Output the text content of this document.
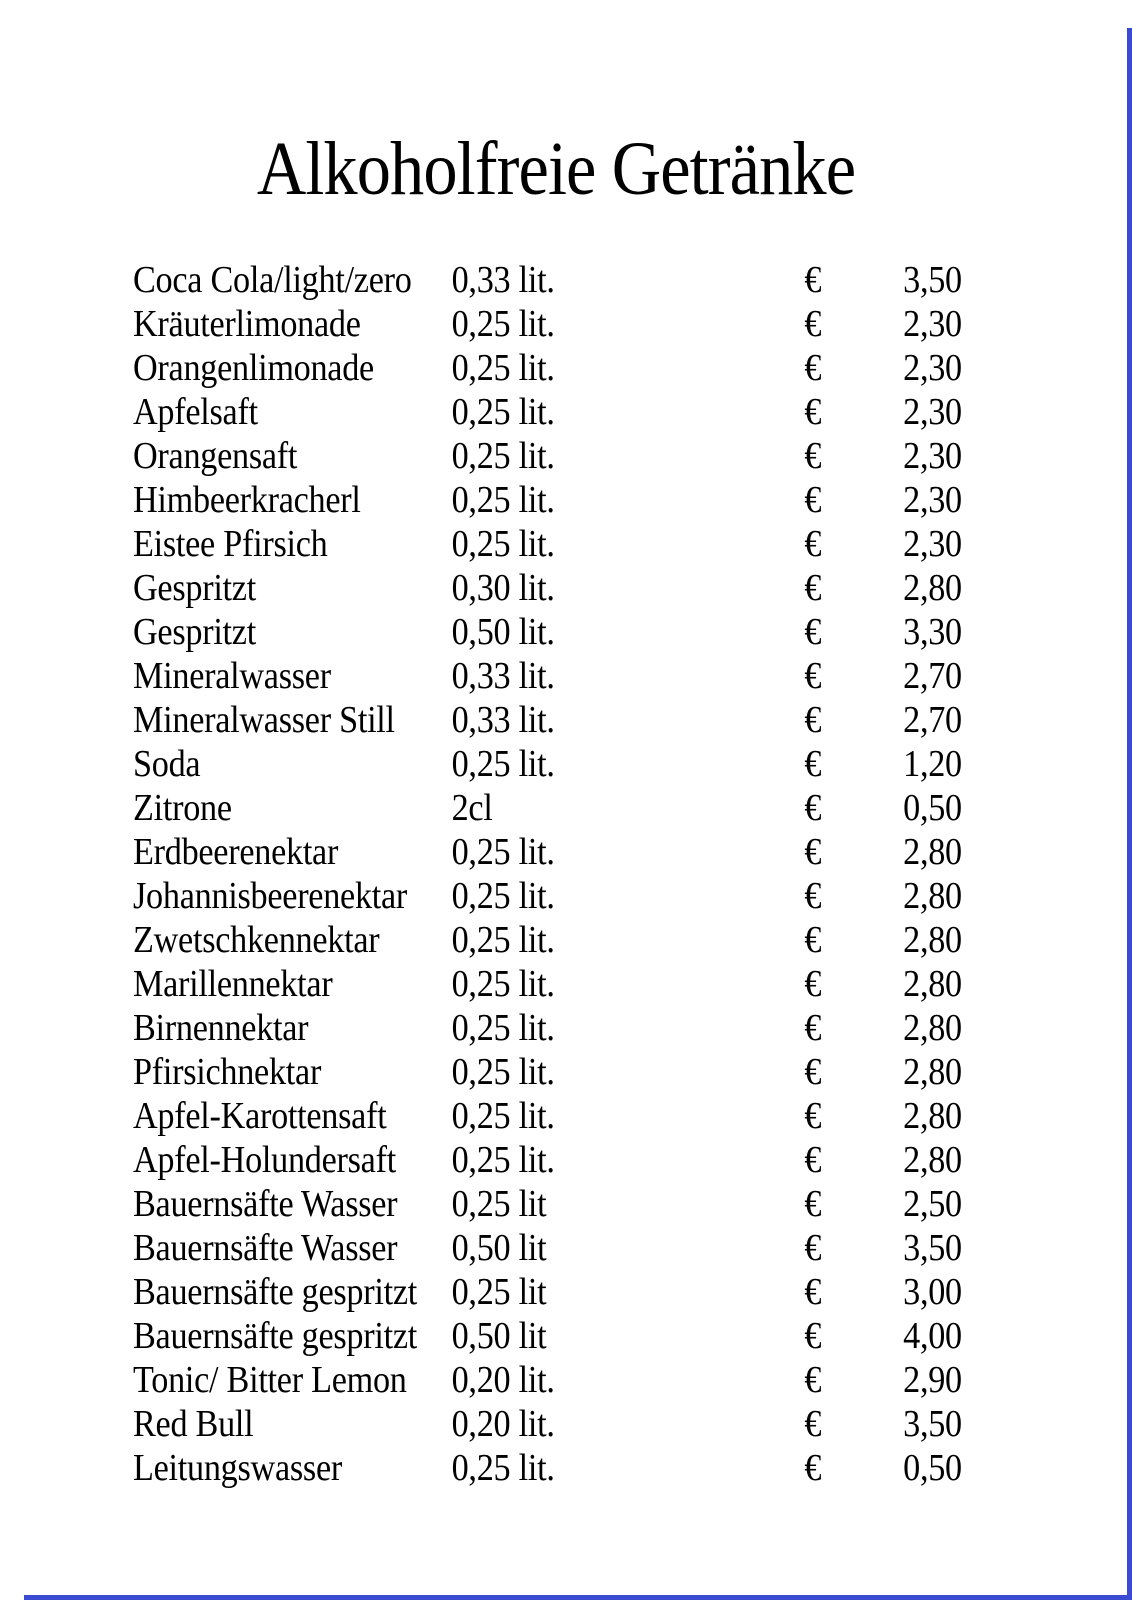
Alkoholfreie Getränke
Coca Cola/light/zero	0,33 lit.	€	3,50
Kräuterlimonade	0,25 lit.	€	2,30
Orangenlimonade	0,25 lit.	€	2,30
Apfelsaft	0,25 lit.	€	2,30
Orangensaft	0,25 lit.	€	2,30
Himbeerkracherl	0,25 lit.	€	2,30
Eistee Pfirsich	0,25 lit.	€	2,30
Gespritzt	0,30 lit.	€	2,80
Gespritzt	0,50 lit.	€	3,30
Mineralwasser	0,33 lit.	€	2,70
Mineralwasser Still	0,33 lit.	€	2,70
Soda	0,25 lit.	€	1,20
Zitrone	2cl	€	0,50
Erdbeerenektar	0,25 lit.	€	2,80
Johannisbeerenektar	0,25 lit.	€	2,80
Zwetschkennektar	0,25 lit.	€	2,80
Marillennektar	0,25 lit.	€	2,80
Birnennektar	0,25 lit.	€	2,80
Pfirsichnektar	0,25 lit.	€	2,80
Apfel-Karottensaft	0,25 lit.	€	2,80
Apfel-Holundersaft	0,25 lit.	€	2,80
Bauernsäfte Wasser	0,25 lit	€	2,50
Bauernsäfte Wasser	0,50 lit	€	3,50
Bauernsäfte gespritzt 0,25 lit	€	3,00
Bauernsäfte gespritzt 0,50 lit	€	4,00
Tonic/ Bitter Lemon	0,20 lit.	€	2,90
Red Bull	0,20 lit.	€	3,50
Leitungswasser	0,25 lit.	€	0,50
